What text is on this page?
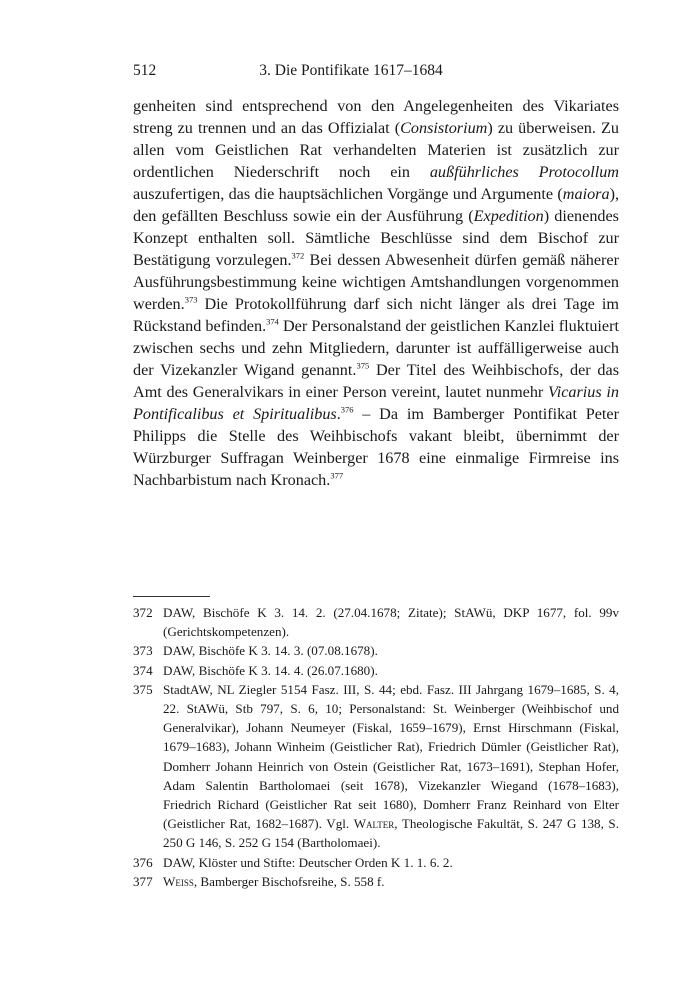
512	3. Die Pontifikate 1617–1684

genheiten sind entsprechend von den Angelegenheiten des Vikariates streng zu trennen und an das Offizialat (Consistorium) zu überweisen. Zu allen vom Geistlichen Rat verhandelten Materien ist zusätzlich zur ordentlichen Niederschrift noch ein außführliches Protocollum auszufertigen, das die hauptsächlichen Vorgänge und Argumente (maiora), den gefällten Beschluss sowie ein der Ausführung (Expedition) dienendes Konzept enthalten soll. Sämtliche Beschlüsse sind dem Bischof zur Bestätigung vorzulegen.$^{372}$ Bei dessen Abwesenheit dürfen gemäß näherer Ausführungsbestimmung keine wichtigen Amtshandlungen vorgenommen werden.$^{373}$ Die Protokollführung darf sich nicht länger als drei Tage im Rückstand befinden.$^{374}$ Der Personalstand der geistlichen Kanzlei fluktuiert zwischen sechs und zehn Mitgliedern, darunter ist auffälligerweise auch der Vizekanzler Wigand genannt.$^{375}$ Der Titel des Weihbischofs, der das Amt des Generalvikars in einer Person vereint, lautet nunmehr Vicarius in Pontificalibus et Spiritualibus.$^{376}$ – Da im Bamberger Pontifikat Peter Philipps die Stelle des Weihbischofs vakant bleibt, übernimmt der Würzburger Suffragan Weinberger 1678 eine einmalige Firmreise ins Nachbarbistum nach Kronach.$^{377}$

372 DAW, Bischöfe K 3. 14. 2. (27.04.1678; Zitate); StAWü, DKP 1677, fol. 99v (Gerichtskompetenzen).
373 DAW, Bischöfe K 3. 14. 3. (07.08.1678).
374 DAW, Bischöfe K 3. 14. 4. (26.07.1680).
375 StadtAW, NL Ziegler 5154 Fasz. III, S. 44; ebd. Fasz. III Jahrgang 1679–1685, S. 4, 22. StAWü, Stb 797, S. 6, 10; Personalstand: St. Weinberger (Weihbischof und Generalvikar), Johann Neumeyer (Fiskal, 1659–1679), Ernst Hirschmann (Fiskal, 1679–1683), Johann Winheim (Geistlicher Rat), Friedrich Dümler (Geistlicher Rat), Domherr Johann Heinrich von Ostein (Geistlicher Rat, 1673–1691), Stephan Hofer, Adam Salentin Bartholomaei (seit 1678), Vizekanzler Wiegand (1678–1683), Friedrich Richard (Geistlicher Rat seit 1680), Domherr Franz Reinhard von Elter (Geistlicher Rat, 1682–1687). Vgl. Walter, Theologische Fakultät, S. 247 G 138, S. 250 G 146, S. 252 G 154 (Bartholomaei).
376 DAW, Klöster und Stifte: Deutscher Orden K 1. 1. 6. 2.
377 Weiss, Bamberger Bischofsreihe, S. 558 f.
